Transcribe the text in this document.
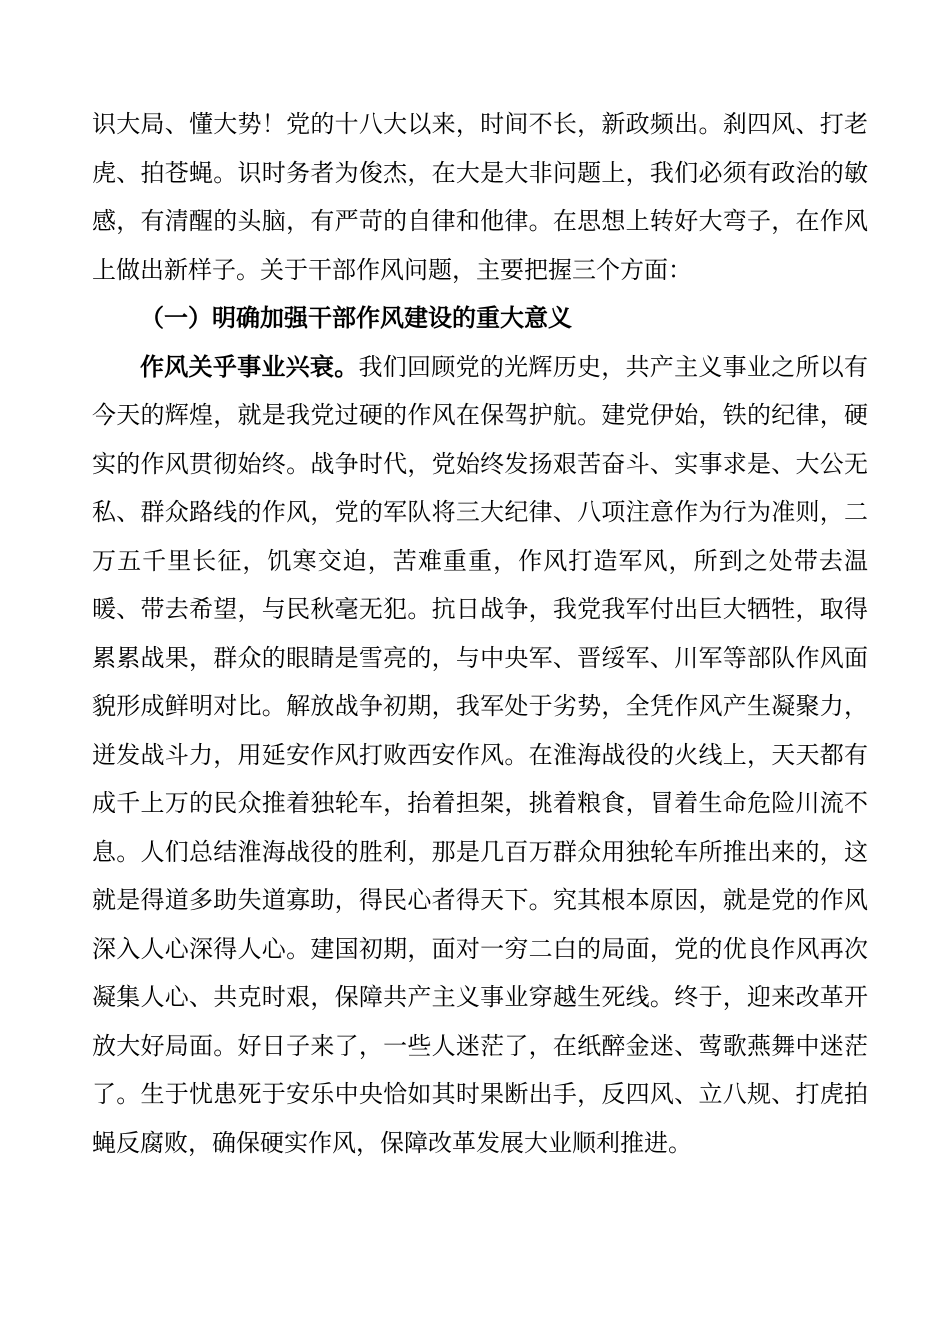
识大局、懂大势！党的十八大以来，时间不长，新政频出。刹四风、打老虎、拍苍蝇。识时务者为俊杰，在大是大非问题上，我们必须有政治的敏感，有清醒的头脑，有严苛的自律和他律。在思想上转好大弯子，在作风上做出新样子。关于干部作风问题，主要把握三个方面：

（一）明确加强干部作风建设的重大意义

作风关乎事业兴衰。我们回顾党的光辉历史，共产主义事业之所以有今天的辉煌，就是我党过硬的作风在保驾护航。建党伊始，铁的纪律，硬实的作风贯彻始终。战争时代，党始终发扬艰苦奋斗、实事求是、大公无私、群众路线的作风，党的军队将三大纪律、八项注意作为行为准则，二万五千里长征，饥寒交迫，苦难重重，作风打造军风，所到之处带去温暖、带去希望，与民秋毫无犯。抗日战争，我党我军付出巨大牺牲，取得累累战果，群众的眼睛是雪亮的，与中央军、晋绥军、川军等部队作风面貌形成鲜明对比。解放战争初期，我军处于劣势，全凭作风产生凝聚力，迸发战斗力，用延安作风打败西安作风。在淮海战役的火线上，天天都有成千上万的民众推着独轮车，抬着担架，挑着粮食，冒着生命危险川流不息。人们总结淮海战役的胜利，那是几百万群众用独轮车所推出来的，这就是得道多助失道寡助，得民心者得天下。究其根本原因，就是党的作风深入人心深得人心。建国初期，面对一穷二白的局面，党的优良作风再次凝集人心、共克时艰，保障共产主义事业穿越生死线。终于，迎来改革开放大好局面。好日子来了，一些人迷茫了，在纸醉金迷、莺歌燕舞中迷茫了。生于忧患死于安乐中央恰如其时果断出手，反四风、立八规、打虎拍蝇反腐败，确保硬实作风，保障改革发展大业顺利推进。
